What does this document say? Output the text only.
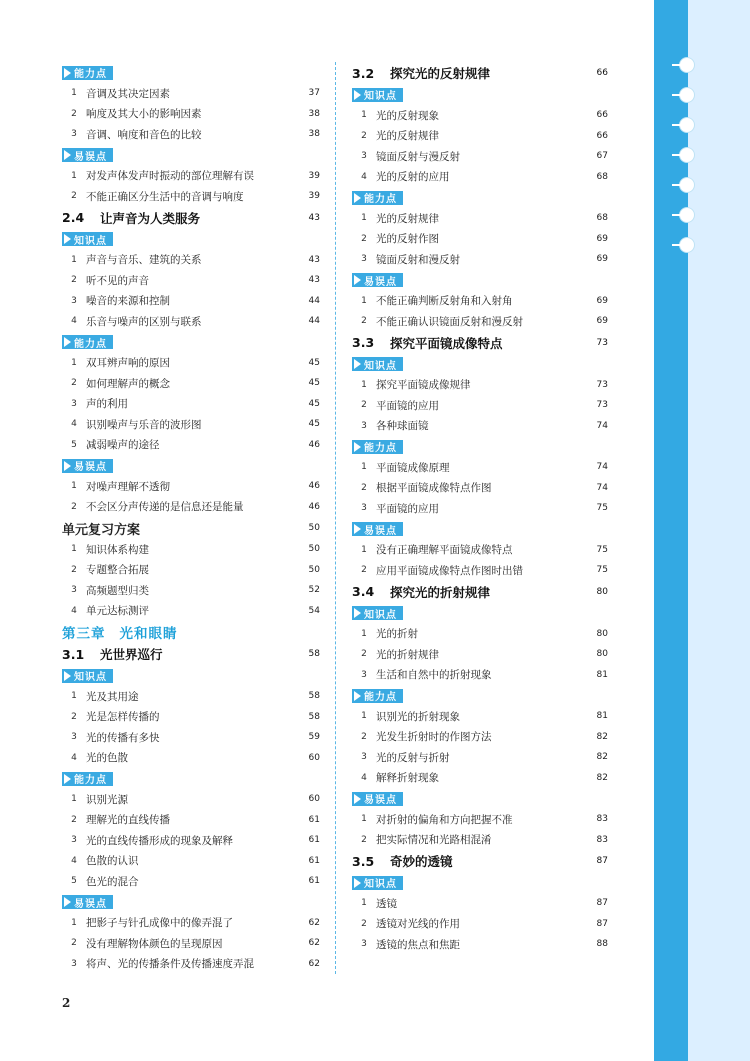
能力点
1 音调及其决定因素	37
2 响度及其大小的影响因素	38
3 音调、响度和音色的比较	38
易误点
1 对发声体发声时振动的部位理解有误	39
2 不能正确区分生活中的音调与响度	39
2.4	让声音为人类服务	43
知识点
1 声音与音乐、建筑的关系	43
2 听不见的声音	43
3 噪音的来源和控制	44
4 乐音与噪声的区别与联系	44
能力点
1 双耳辨声响的原因	45
2 如何理解声的概念	45
3 声的利用	45
4 识别噪声与乐音的波形图	45
5 减弱噪声的途径	46
易误点
1 对噪声理解不透彻	46
2 不会区分声传递的是信息还是能量	46
单元复习方案	50
1 知识体系构建	50
2 专题整合拓展	50
3 高频题型归类	52
4 单元达标测评	54
第三章 光和眼睛
3.1	光世界巡行	58
知识点
1 光及其用途	58
2 光是怎样传播的	58
3 光的传播有多快	59
4 光的色散	60
能力点
1 识别光源	60
2 理解光的直线传播	61
3 光的直线传播形成的现象及解释	61
4 色散的认识	61
5 色光的混合	61
易误点
1 把影子与针孔成像中的像弄混了	62
2 没有理解物体颜色的呈现原因	62
3 将声、光的传播条件及传播速度弄混	62
3.2	探究光的反射规律	66
知识点
1 光的反射现象	66
2 光的反射规律	66
3 镜面反射与漫反射	67
4 光的反射的应用	68
能力点
1 光的反射规律	68
2 光的反射作图	69
3 镜面反射和漫反射	69
易误点
1 不能正确判断反射角和入射角	69
2 不能正确认识镜面反射和漫反射	69
3.3	探究平面镜成像特点	73
知识点
1 探究平面镜成像规律	73
2 平面镜的应用	73
3 各种球面镜	74
能力点
1 平面镜成像原理	74
2 根据平面镜成像特点作图	74
3 平面镜的应用	75
易误点
1 没有正确理解平面镜成像特点	75
2 应用平面镜成像特点作图时出错	75
3.4	探究光的折射规律	80
知识点
1 光的折射	80
2 光的折射规律	80
3 生活和自然中的折射现象	81
能力点
1 识别光的折射现象	81
2 光发生折射时的作图方法	82
3 光的反射与折射	82
4 解释折射现象	82
易误点
1 对折射的偏角和方向把握不准	83
2 把实际情况和光路相混淆	83
3.5	奇妙的透镜	87
知识点
1 透镜	87
2 透镜对光线的作用	87
3 透镜的焦点和焦距	88
2
